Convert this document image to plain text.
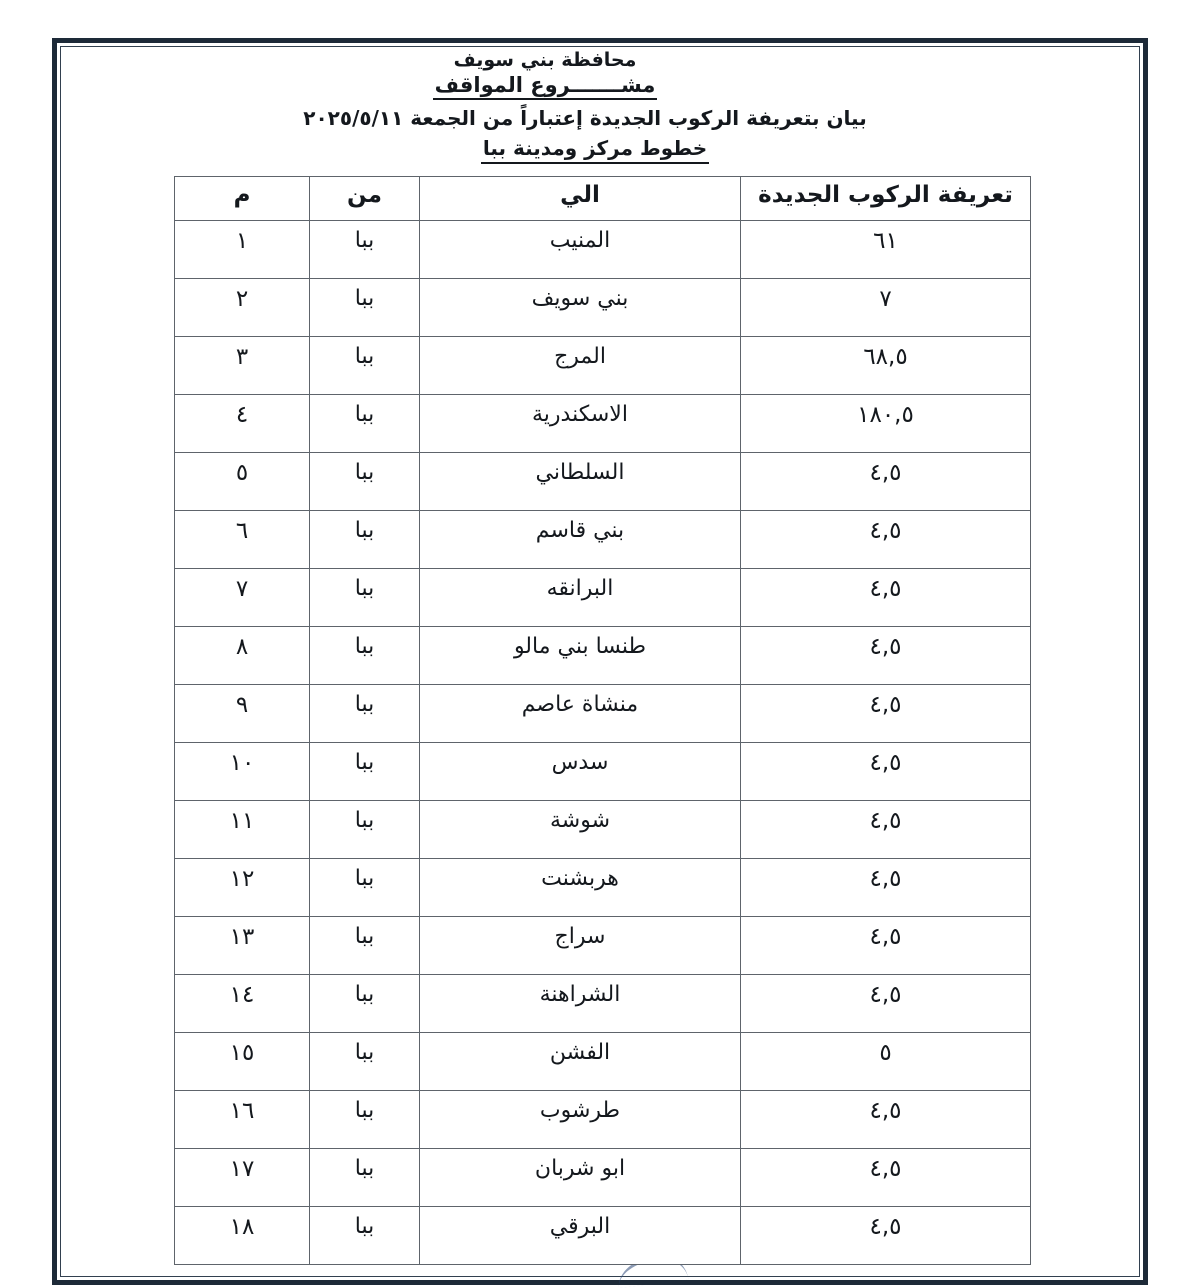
محافظة بني سويف
مشـــــــروع المواقف
بيان بتعريفة الركوب الجديدة إعتباراً من الجمعة ٢٠٢٥/٥/١١
خطوط مركز ومدينة ببا
تعريفة الركوب الجديدة	الي	من	م
٦١	المنيب	ببا	١
٧	بني سويف	ببا	٢
٦٨,٥	المرج	ببا	٣
١٨٠,٥	الاسكندرية	ببا	٤
٤,٥	السلطاني	ببا	٥
٤,٥	بني قاسم	ببا	٦
٤,٥	البرانقه	ببا	٧
٤,٥	طنسا بني مالو	ببا	٨
٤,٥	منشاة عاصم	ببا	٩
٤,٥	سدس	ببا	١٠
٤,٥	شوشة	ببا	١١
٤,٥	هربشنت	ببا	١٢
٤,٥	سراج	ببا	١٣
٤,٥	الشراهنة	ببا	١٤
٥	الفشن	ببا	١٥
٤,٥	طرشوب	ببا	١٦
٤,٥	ابو شربان	ببا	١٧
٤,٥	البرقي	ببا	١٨
